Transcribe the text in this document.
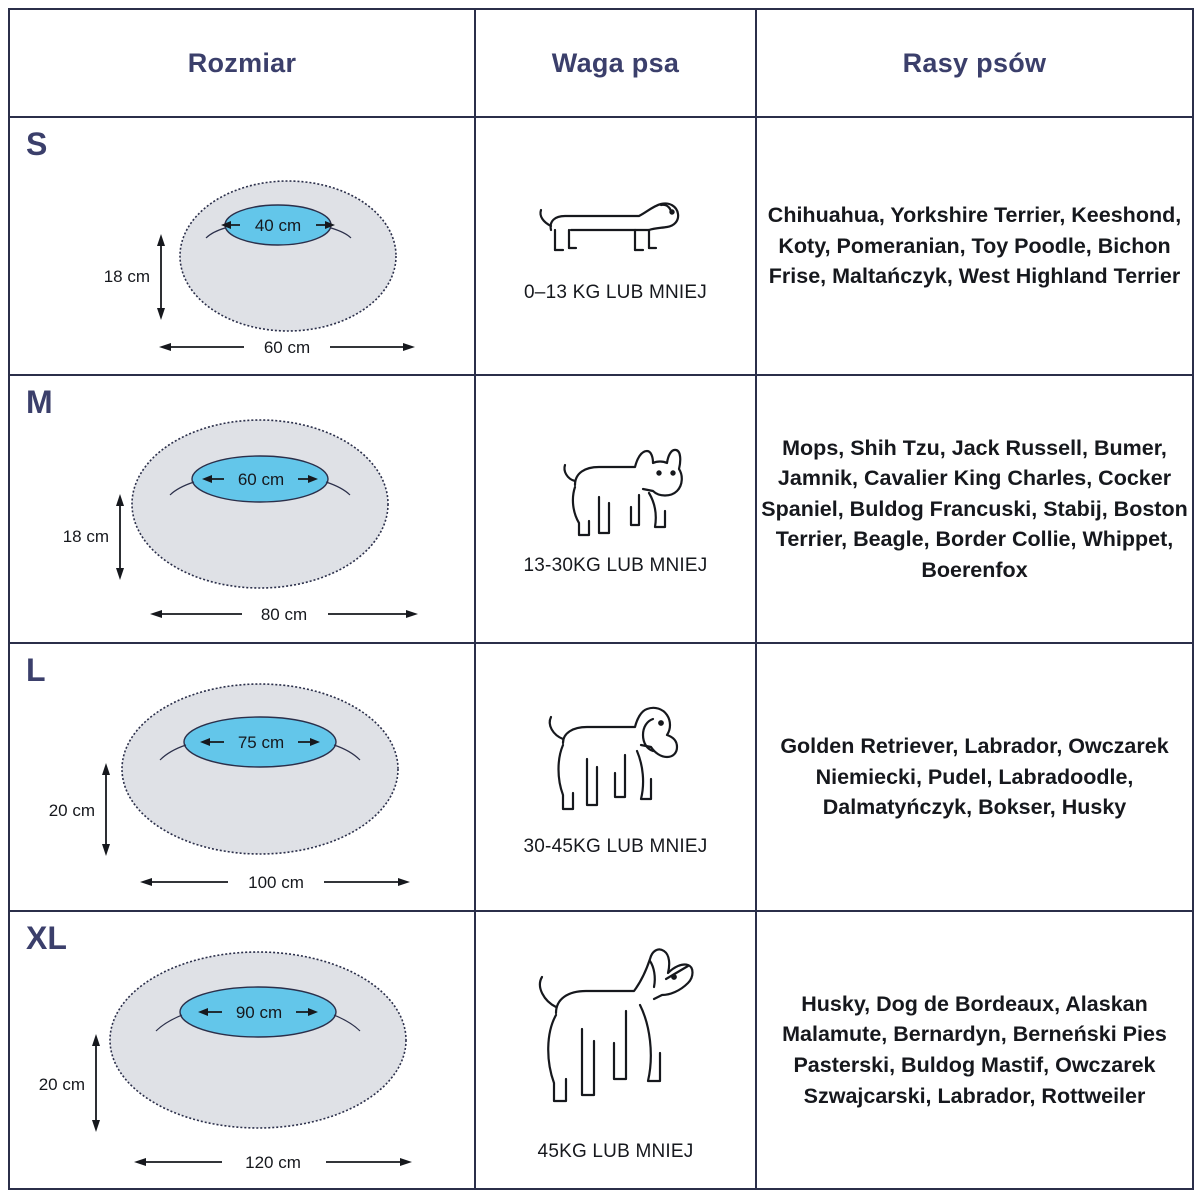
Rozmiar	Waga psa	Rasy psów

S
40 cm
18 cm
60 cm	0–13 KG LUB MNIEJ	Chihuahua, Yorkshire Terrier, Keeshond, Koty, Pomeranian, Toy Poodle, Bichon Frise, Maltańczyk, West Highland Terrier

M
60 cm
18 cm
80 cm	13-30KG LUB MNIEJ	Mops, Shih Tzu, Jack Russell, Bumer, Jamnik, Cavalier King Charles, Cocker Spaniel, Buldog Francuski, Stabij, Boston Terrier, Beagle, Border Collie, Whippet, Boerenfox

L
75 cm
20 cm
100 cm	30-45KG LUB MNIEJ	Golden Retriever, Labrador, Owczarek Niemiecki, Pudel, Labradoodle, Dalmatyńczyk, Bokser, Husky

XL
90 cm
20 cm
120 cm	45KG LUB MNIEJ	Husky, Dog de Bordeaux, Alaskan Malamute, Bernardyn, Berneński Pies Pasterski, Buldog Mastif, Owczarek Szwajcarski, Labrador, Rottweiler
